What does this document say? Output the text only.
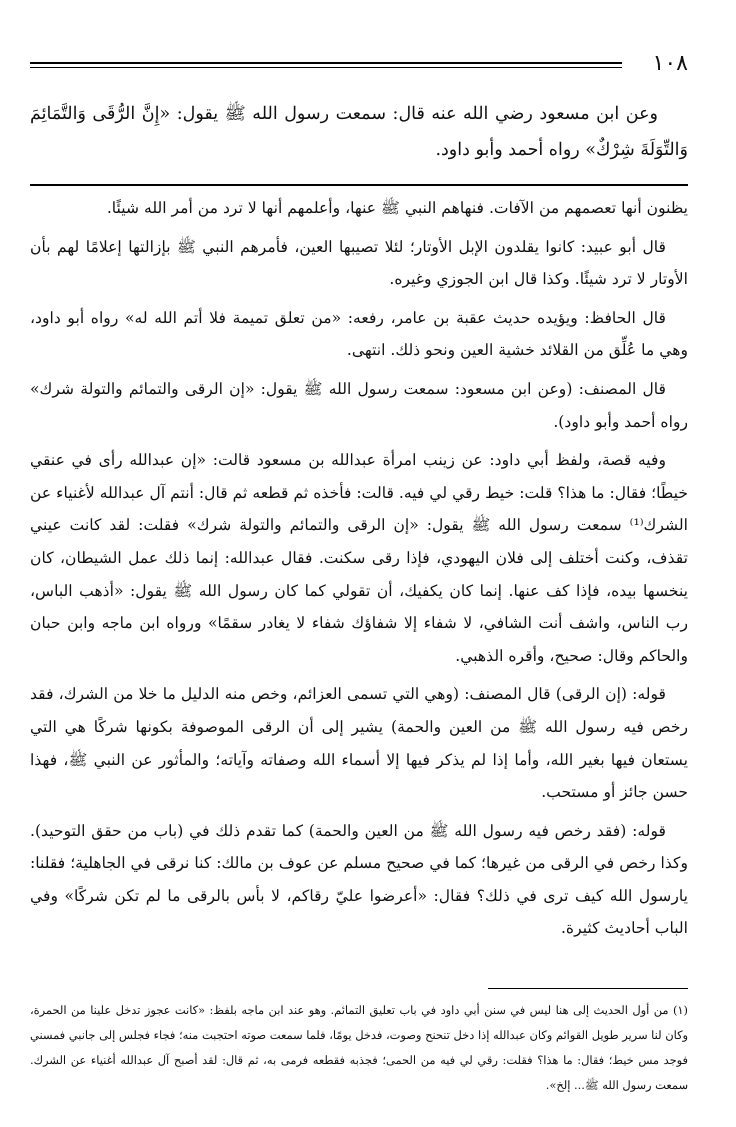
١٠٨

وعن ابن مسعود رضي الله عنه قال: سمعت رسول الله ﷺ يقول: «إِنَّ الرُّقَى وَالتَّمَائِمَ وَالتِّوَلَةَ شِرْكٌ» رواه أحمد وأبو داود.

يظنون أنها تعصمهم من الآفات. فنهاهم النبي ﷺ عنها، وأعلمهم أنها لا ترد من أمر الله شيئًا.

قال أبو عبيد: كانوا يقلدون الإبل الأوتار؛ لئلا تصيبها العين، فأمرهم النبي ﷺ بإزالتها إعلامًا لهم بأن الأوتار لا ترد شيئًا. وكذا قال ابن الجوزي وغيره.

قال الحافظ: ويؤيده حديث عقبة بن عامر، رفعه: «من تعلق تميمة فلا أتم الله له» رواه أبو داود، وهي ما عُلِّق من القلائد خشية العين ونحو ذلك. انتهى.

قال المصنف: (وعن ابن مسعود: سمعت رسول الله ﷺ يقول: «إن الرقى والتمائم والتولة شرك» رواه أحمد وأبو داود).

وفيه قصة، ولفظ أبي داود: عن زينب امرأة عبدالله بن مسعود قالت: «إن عبدالله رأى في عنقي خيطًا؛ فقال: ما هذا؟ قلت: خيط رقي لي فيه. قالت: فأخذه ثم قطعه ثم قال: أنتم آل عبدالله لأغنياء عن الشرك⁽¹⁾ سمعت رسول الله ﷺ يقول: «إن الرقى والتمائم والتولة شرك» فقلت: لقد كانت عيني تقذف، وكنت أختلف إلى فلان اليهودي، فإذا رقى سكنت. فقال عبدالله: إنما ذلك عمل الشيطان، كان ينخسها بيده، فإذا كف عنها. إنما كان يكفيك، أن تقولي كما كان رسول الله ﷺ يقول: «أذهب الباس، رب الناس، واشف أنت الشافي، لا شفاء إلا شفاؤك شفاء لا يغادر سقمًا» ورواه ابن ماجه وابن حبان والحاكم وقال: صحيح، وأقره الذهبي.

قوله: (إن الرقى) قال المصنف: (وهي التي تسمى العزائم، وخص منه الدليل ما خلا من الشرك، فقد رخص فيه رسول الله ﷺ من العين والحمة) يشير إلى أن الرقى الموصوفة بكونها شركًا هي التي يستعان فيها بغير الله، وأما إذا لم يذكر فيها إلا أسماء الله وصفاته وآياته؛ والمأثور عن النبي ﷺ، فهذا حسن جائز أو مستحب.

قوله: (فقد رخص فيه رسول الله ﷺ من العين والحمة) كما تقدم ذلك في (باب من حقق التوحيد). وكذا رخص في الرقى من غيرها؛ كما في صحيح مسلم عن عوف بن مالك: كنا نرقى في الجاهلية؛ فقلنا: يارسول الله كيف ترى في ذلك؟ فقال: «أعرضوا عليّ رقاكم، لا بأس بالرقى ما لم تكن شركًا» وفي الباب أحاديث كثيرة.

(١) من أول الحديث إلى هنا ليس في سنن أبي داود في باب تعليق التمائم. وهو عند ابن ماجه بلفظ: «كانت عجوز تدخل علينا من الحمرة، وكان لنا سرير طويل القوائم وكان عبدالله إذا دخل تنحنح وصوت، فدخل يومًا، فلما سمعت صوته احتجبت منه؛ فجاء فجلس إلى جانبي فمسني فوجد مس خيط؛ فقال: ما هذا؟ فقلت: رقي لي فيه من الحمى؛ فجذبه فقطعه فرمى به، ثم قال: لقد أصبح آل عبدالله أغنياء عن الشرك. سمعت رسول الله ﷺ... إلخ».
